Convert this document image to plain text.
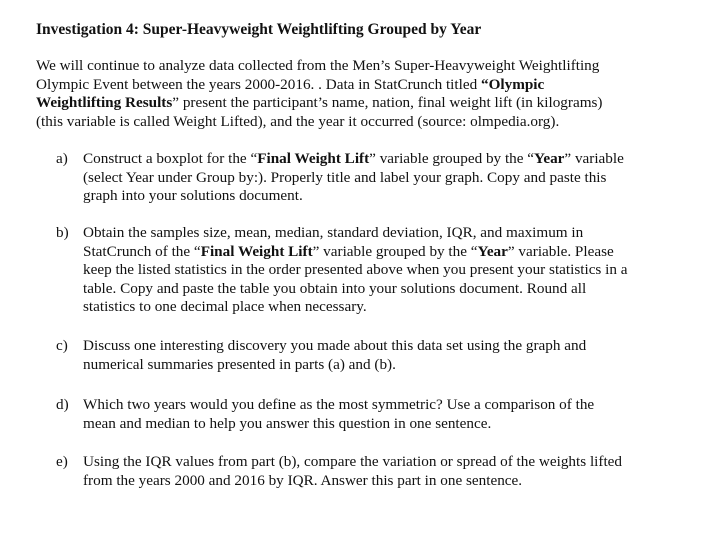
Investigation 4: Super-Heavyweight Weightlifting Grouped by Year
We will continue to analyze data collected from the Men’s Super-Heavyweight Weightlifting
Olympic Event between the years 2000-2016. . Data in StatCrunch titled “Olympic
Weightlifting Results” present the participant’s name, nation, final weight lift (in kilograms)
(this variable is called Weight Lifted), and the year it occurred (source: olmpedia.org).
a) Construct a boxplot for the “Final Weight Lift” variable grouped by the “Year” variable
(select Year under Group by:). Properly title and label your graph. Copy and paste this
graph into your solutions document.
b) Obtain the samples size, mean, median, standard deviation, IQR, and maximum in
StatCrunch of the “Final Weight Lift” variable grouped by the “Year” variable. Please
keep the listed statistics in the order presented above when you present your statistics in a
table. Copy and paste the table you obtain into your solutions document. Round all
statistics to one decimal place when necessary.
c) Discuss one interesting discovery you made about this data set using the graph and
numerical summaries presented in parts (a) and (b).
d) Which two years would you define as the most symmetric? Use a comparison of the
mean and median to help you answer this question in one sentence.
e) Using the IQR values from part (b), compare the variation or spread of the weights lifted
from the years 2000 and 2016 by IQR. Answer this part in one sentence.
